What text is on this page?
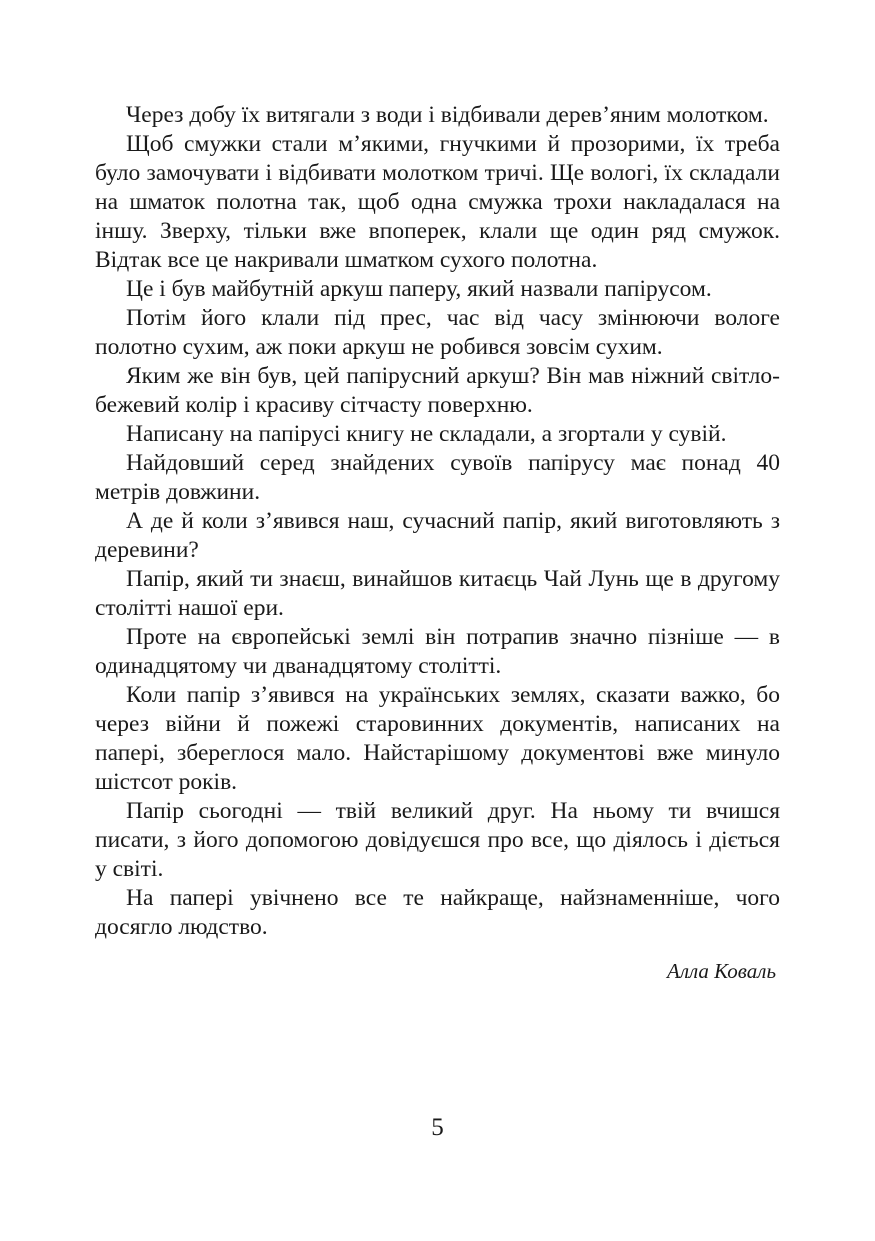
Через добу їх витягали з води і відбивали дерев’яним молотком.

Щоб смужки стали м’якими, гнучкими й прозорими, їх треба було замочувати і відбивати молотком тричі. Ще вологі, їх складали на шматок полотна так, щоб одна смужка трохи накладалася на іншу. Зверху, тільки вже впоперек, клали ще один ряд смужок. Відтак все це накривали шматком сухого полотна.

Це і був майбутній аркуш паперу, який назвали папірусом.

Потім його клали під прес, час від часу змінюючи вологе полотно сухим, аж поки аркуш не робився зовсім сухим.

Яким же він був, цей папірусний аркуш? Він мав ніжний світло-бежевий колір і красиву сітчасту поверхню.

Написану на папірусі книгу не складали, а згортали у сувій.

Найдовший серед знайдених сувоїв папірусу має понад 40 метрів довжини.

А де й коли з’явився наш, сучасний папір, який виготовляють з деревини?

Папір, який ти знаєш, винайшов китаєць Чай Лунь ще в другому столітті нашої ери.

Проте на європейські землі він потрапив значно пізніше — в одинадцятому чи дванадцятому столітті.

Коли папір з’явився на українських землях, сказати важко, бо через війни й пожежі старовинних документів, написаних на папері, збереглося мало. Найстарішому документові вже минуло шістсот років.

Папір сьогодні — твій великий друг. На ньому ти вчишся писати, з його допомогою довідуєшся про все, що діялось і діється у світі.

На папері увічнено все те найкраще, найзнаменніше, чого досягло людство.

Алла Коваль

5
